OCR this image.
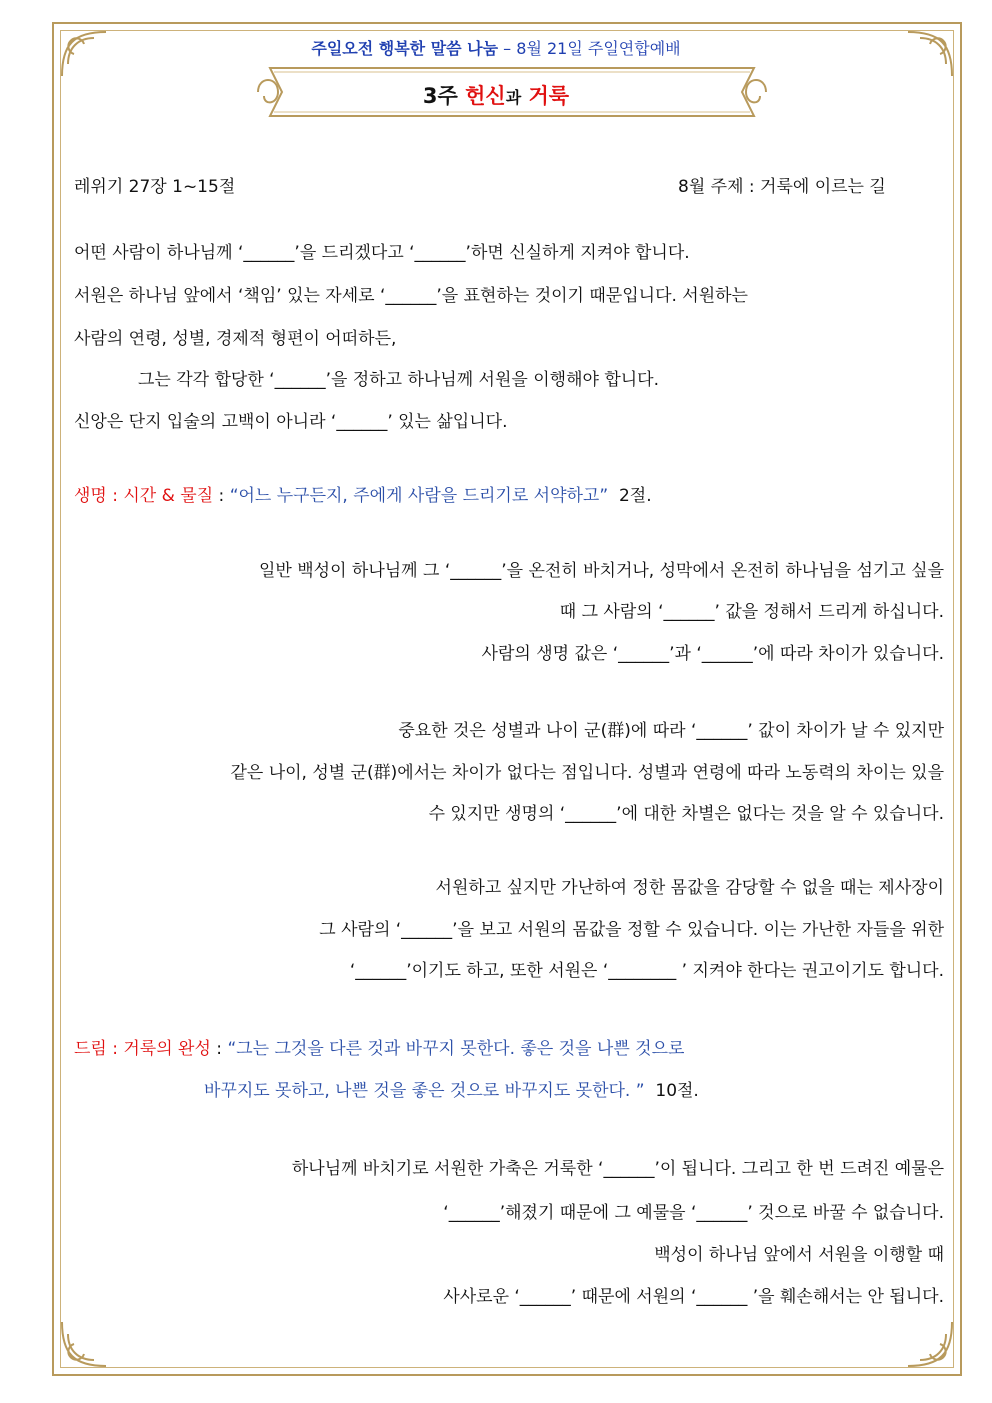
주일오전 행복한 말씀 나눔 – 8월 21일 주일연합예배
3주 헌신과 거룩
레위기 27장 1~15절	8월 주제 : 거룩에 이르는 길
어떤 사람이 하나님께 ‘______’을 드리겠다고 ‘______’하면 신실하게 지켜야 합니다.
서원은 하나님 앞에서 ‘책임’ 있는 자세로 ‘______’을 표현하는 것이기 때문입니다. 서원하는
사람의 연령, 성별, 경제적 형편이 어떠하든,
그는 각각 합당한 ‘______’을 정하고 하나님께 서원을 이행해야 합니다.
신앙은 단지 입술의 고백이 아니라 ‘______’ 있는 삶입니다.
생명 : 시간 & 물질 : “어느 누구든지, 주에게 사람을 드리기로 서약하고” 2절.
일반 백성이 하나님께 그 ‘______’을 온전히 바치거나, 성막에서 온전히 하나님을 섬기고 싶을
때 그 사람의 ‘______’ 값을 정해서 드리게 하십니다.
사람의 생명 값은 ‘______’과 ‘______’에 따라 차이가 있습니다.
중요한 것은 성별과 나이 군(群)에 따라 ‘______’ 값이 차이가 날 수 있지만
같은 나이, 성별 군(群)에서는 차이가 없다는 점입니다. 성별과 연령에 따라 노동력의 차이는 있을
수 있지만 생명의 ‘______’에 대한 차별은 없다는 것을 알 수 있습니다.
서원하고 싶지만 가난하여 정한 몸값을 감당할 수 없을 때는 제사장이
그 사람의 ‘______’을 보고 서원의 몸값을 정할 수 있습니다. 이는 가난한 자들을 위한
‘______’이기도 하고, 또한 서원은 ‘________ ’ 지켜야 한다는 권고이기도 합니다.
드림 : 거룩의 완성 : “그는 그것을 다른 것과 바꾸지 못한다. 좋은 것을 나쁜 것으로
바꾸지도 못하고, 나쁜 것을 좋은 것으로 바꾸지도 못한다. ” 10절.
하나님께 바치기로 서원한 가축은 거룩한 ‘______’이 됩니다. 그리고 한 번 드려진 예물은
‘______’해졌기 때문에 그 예물을 ‘______’ 것으로 바꿀 수 없습니다.
백성이 하나님 앞에서 서원을 이행할 때
사사로운 ‘______’ 때문에 서원의 ‘______ ’을 훼손해서는 안 됩니다.
